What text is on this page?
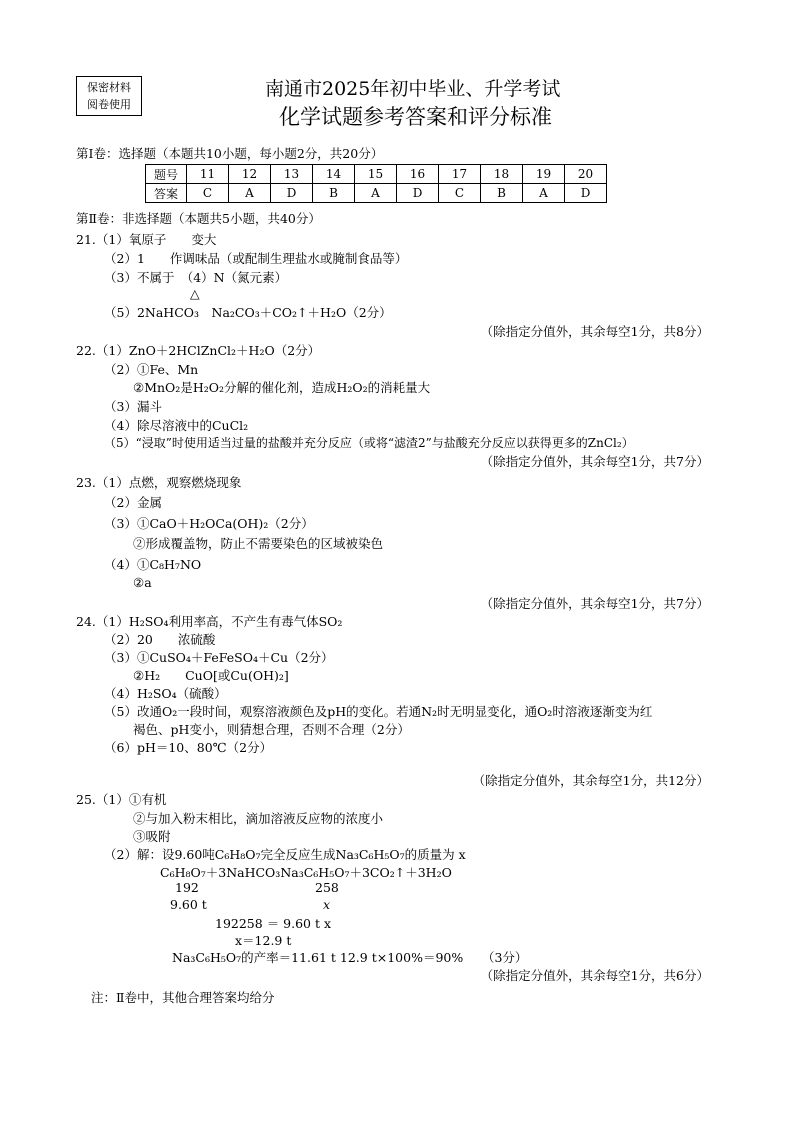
保密材料
阅卷使用
南通市2025年初中毕业、升学考试
化学试题参考答案和评分标准
第Ⅰ卷：选择题（本题共10小题，每小题2分，共20分）
题号	11	12	13	14	15	16	17	18	19	20
答案	C	A	D	B	A	D	C	B	A	D
第Ⅱ卷：非选择题（本题共5小题，共40分）
21.（1）氧原子　　变大
（2）1　　作调味品（或配制生理盐水或腌制食品等）
（3）不属于　（4）N（氮元素）
△
（5）2NaHCO₃　Na₂CO₃＋CO₂↑＋H₂O（2分）
（除指定分值外，其余每空1分，共8分）
22.（1）ZnO＋2HClZnCl₂＋H₂O（2分）
（2）①Fe、Mn
②MnO₂是H₂O₂分解的催化剂，造成H₂O₂的消耗量大
（3）漏斗
（4）除尽溶液中的CuCl₂
（5）“浸取”时使用适当过量的盐酸并充分反应（或将“滤渣2”与盐酸充分反应以获得更多的ZnCl₂）
（除指定分值外，其余每空1分，共7分）
23.（1）点燃，观察燃烧现象
（2）金属
（3）①CaO＋H₂OCa(OH)₂（2分）
②形成覆盖物，防止不需要染色的区域被染色
（4）①C₈H₇NO
②a
（除指定分值外，其余每空1分，共7分）
24.（1）H₂SO₄利用率高，不产生有毒气体SO₂
（2）20　　浓硫酸
（3）①CuSO₄＋FeFeSO₄＋Cu（2分）
②H₂　　CuO[或Cu(OH)₂]
（4）H₂SO₄（硫酸）
（5）改通O₂一段时间，观察溶液颜色及pH的变化。若通N₂时无明显变化，通O₂时溶液逐渐变为红
褐色、pH变小，则猜想合理，否则不合理（2分）
（6）pH＝10、80℃（2分）
（除指定分值外，其余每空1分，共12分）
25.（1）①有机
②与加入粉末相比，滴加溶液反应物的浓度小
③吸附
（2）解：设9.60吨C₆H₈O₇完全反应生成Na₃C₆H₅O₇的质量为 x
C₆H₈O₇＋3NaHCO₃Na₃C₆H₅O₇＋3CO₂↑＋3H₂O
192	258
9.60 t	x
192258 ＝ 9.60 t x
x＝12.9 t
Na₃C₆H₅O₇的产率＝11.61 t 12.9 t×100%＝90%　　（3分）
（除指定分值外，其余每空1分，共6分）
注：Ⅱ卷中，其他合理答案均给分
